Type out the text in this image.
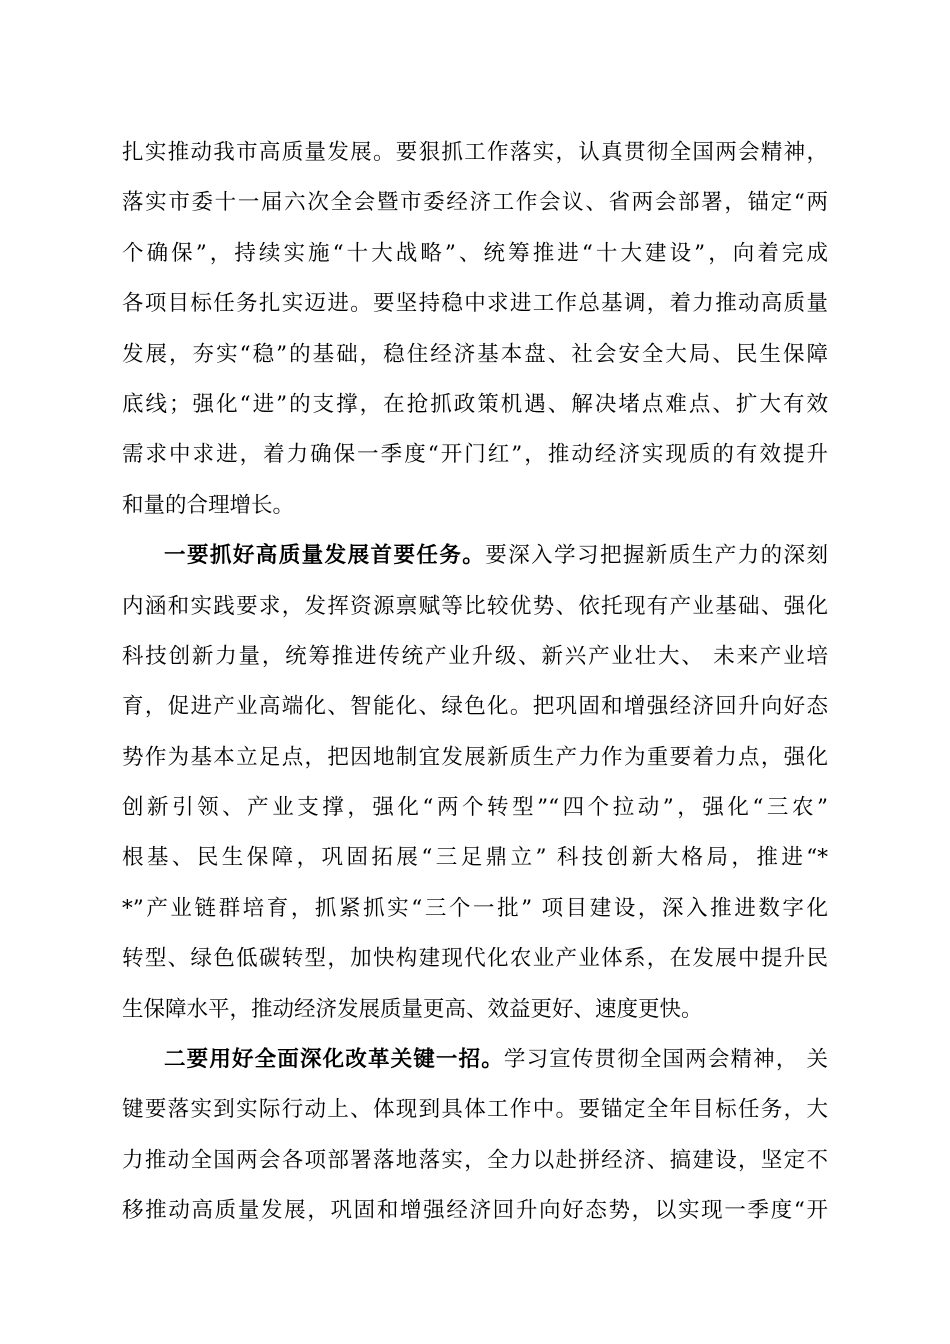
扎实推动我市高质量发展。要狠抓工作落实，认真贯彻全国两会精神，
落实市委十一届六次全会暨市委经济工作会议、省两会部署，锚定“两
个确保”，持续实施“十大战略”、统筹推进“十大建设”，向着完成
各项目标任务扎实迈进。要坚持稳中求进工作总基调，着力推动高质量
发展，夯实“稳”的基础，稳住经济基本盘、社会安全大局、民生保障
底线；强化“进”的支撑，在抢抓政策机遇、解决堵点难点、扩大有效
需求中求进，着力确保一季度“开门红”，推动经济实现质的有效提升
和量的合理增长。
一要抓好高质量发展首要任务。要深入学习把握新质生产力的深刻
内涵和实践要求，发挥资源禀赋等比较优势、依托现有产业基础、强化
科技创新力量，统筹推进传统产业升级、新兴产业壮大、 未来产业培
育，促进产业高端化、智能化、绿色化。把巩固和增强经济回升向好态
势作为基本立足点，把因地制宜发展新质生产力作为重要着力点，强化
创新引领、产业支撑，强化“两个转型”“四个拉动”，强化“三农”
根基、民生保障，巩固拓展“三足鼎立” 科技创新大格局，推进“*
*”产业链群培育，抓紧抓实“三个一批” 项目建设，深入推进数字化
转型、绿色低碳转型，加快构建现代化农业产业体系，在发展中提升民
生保障水平，推动经济发展质量更高、效益更好、速度更快。
二要用好全面深化改革关键一招。学习宣传贯彻全国两会精神， 关
键要落实到实际行动上、体现到具体工作中。要锚定全年目标任务，大
力推动全国两会各项部署落地落实，全力以赴拼经济、搞建设，坚定不
移推动高质量发展，巩固和增强经济回升向好态势，以实现一季度“开
